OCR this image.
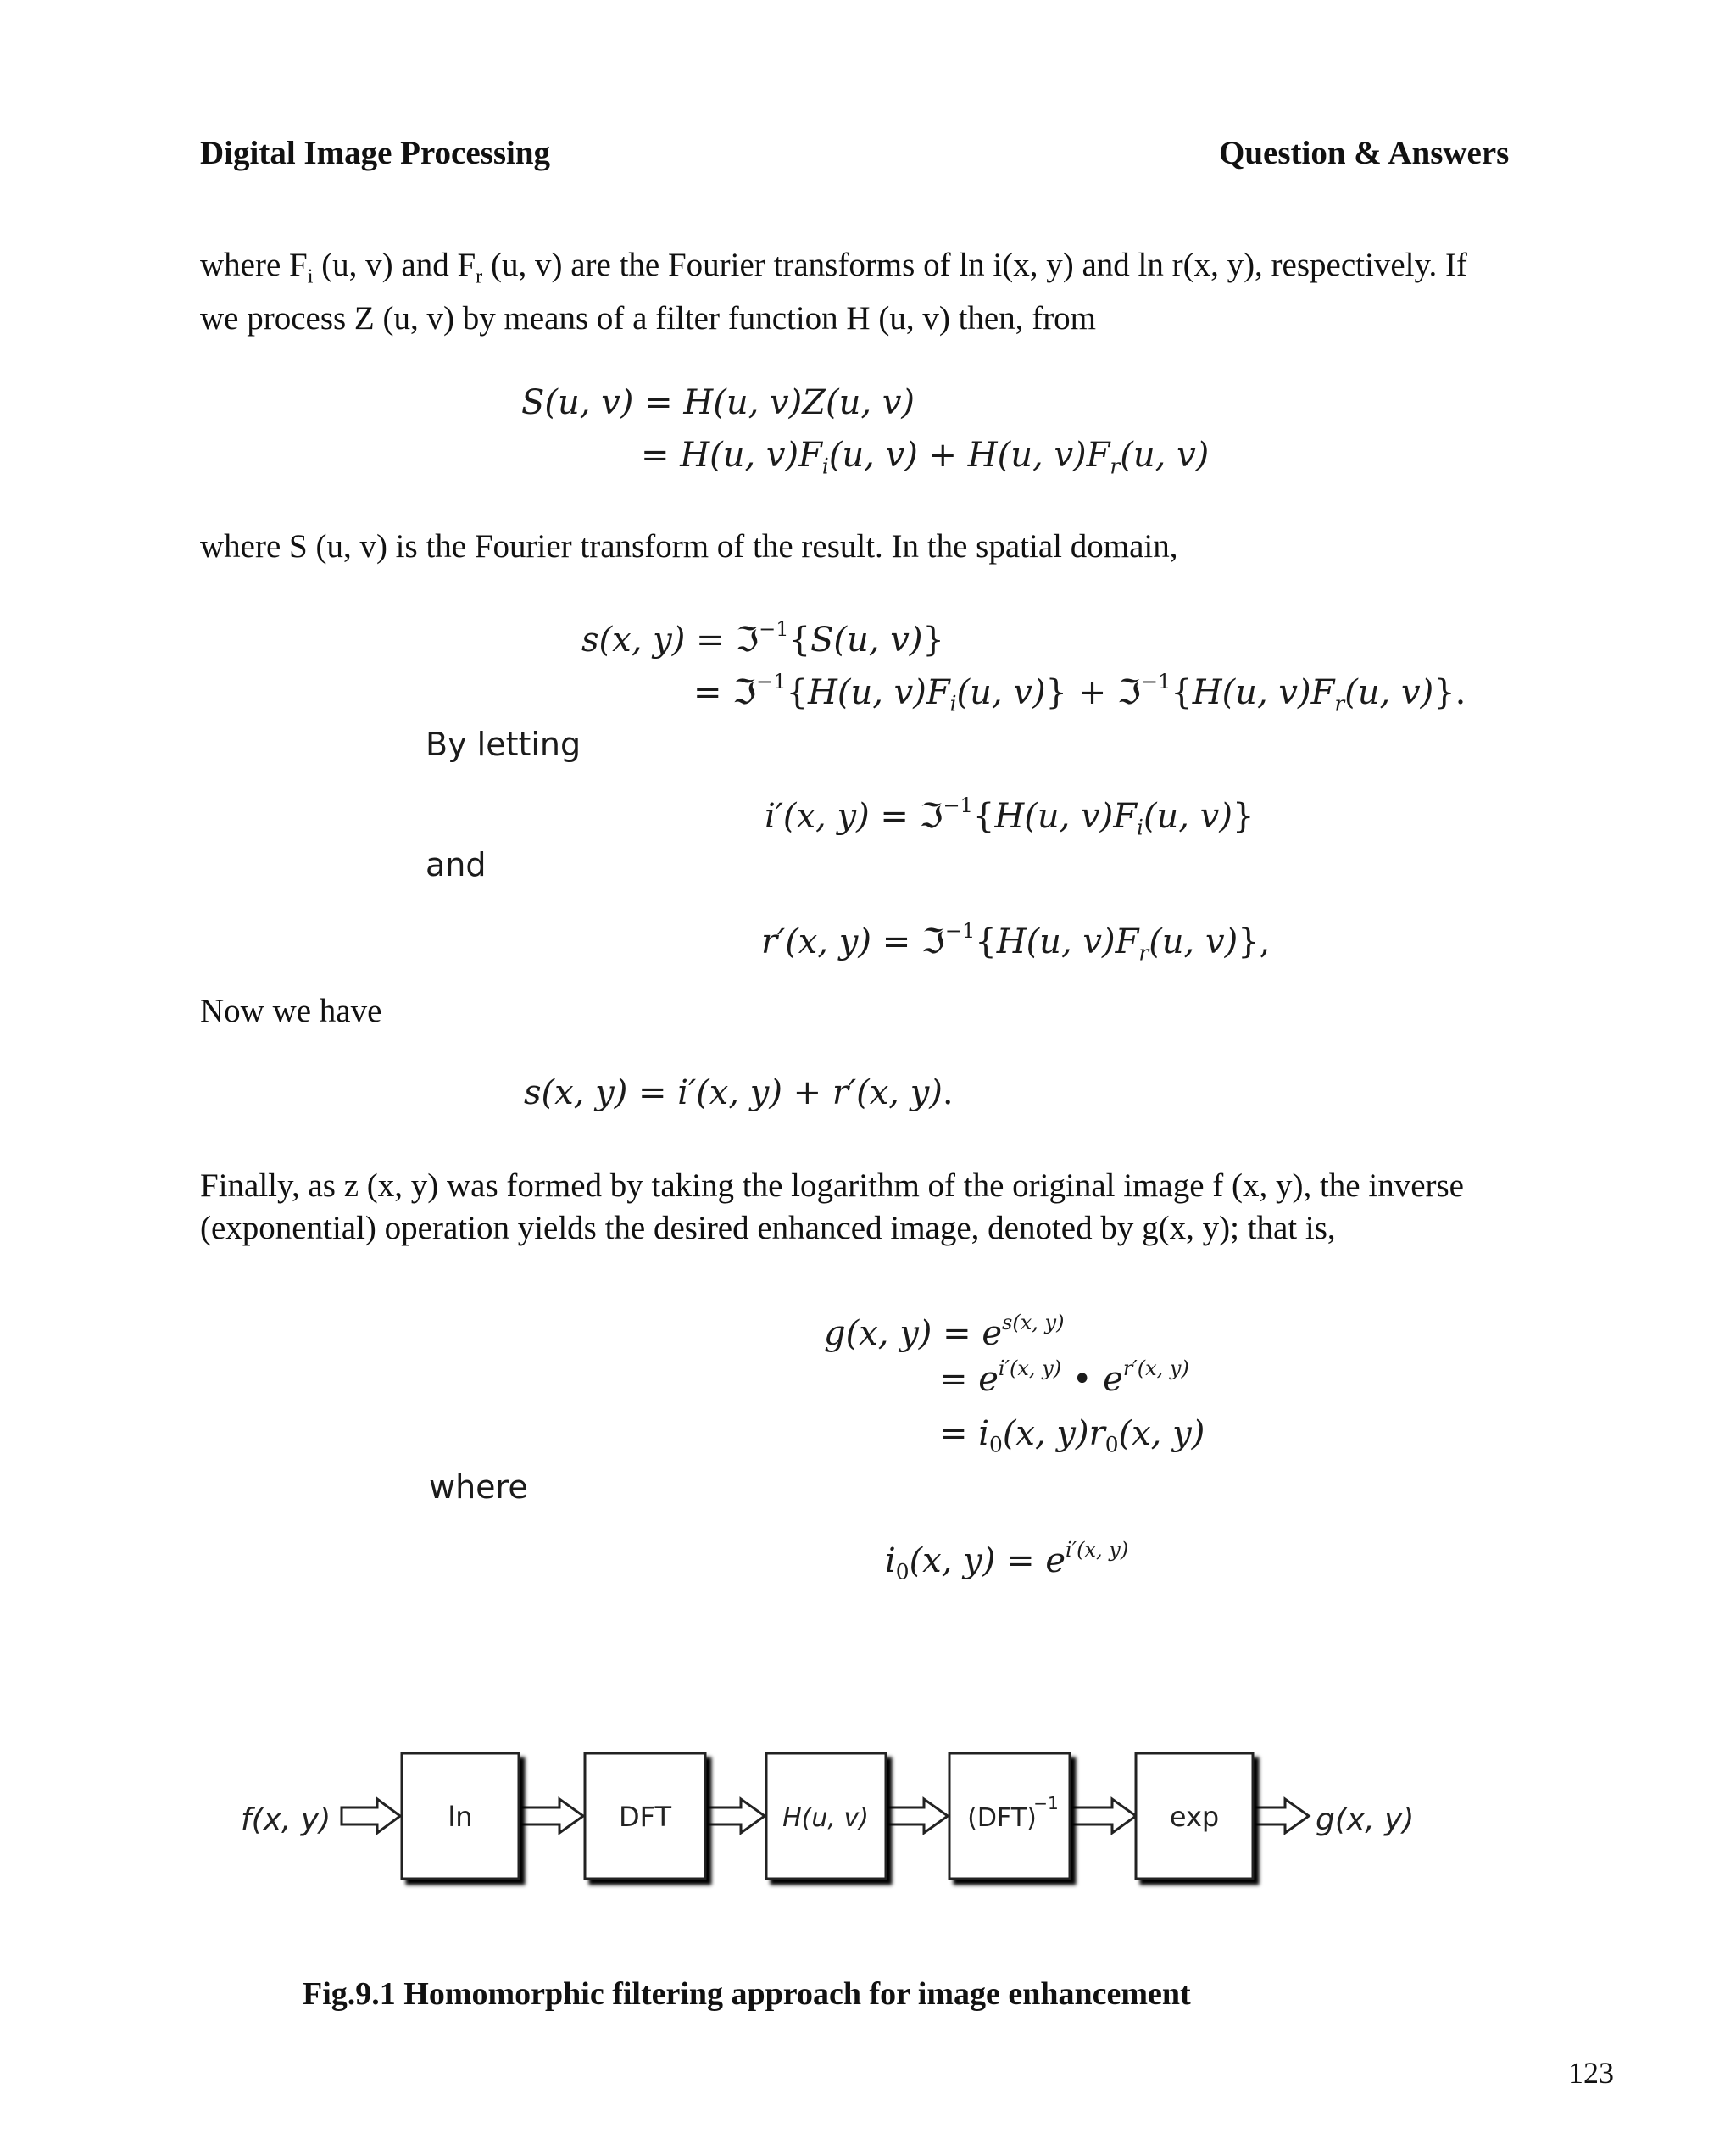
Digital Image Processing	Question & Answers
where $F_i$ (u, v) and $F_r$ (u, v) are the Fourier transforms of ln i(x, y) and ln r(x, y), respectively. If
we process Z (u, v) by means of a filter function H (u, v) then, from
S(u, v) = H(u, v)Z(u, v)
= H(u, $v)F_i(u$, v) + H(u, $v)F_r(u$, v)
where S (u, v) is the Fourier transform of the result. In the spatial domain,
s(x, y) = ℑ$^{-1}${S(u, v)}
= ℑ$^{-1}${H(u, $v)F_i(u$, v)} + ℑ$^{-1}${H(u, $v)F_r(u$, v)}.
By letting
i′(x, y) = ℑ$^{-1}${H(u, $v)F_i(u$, v)}
and
r′(x, y) = ℑ$^{-1}${H(u, $v)F_r(u$, v)},
Now we have
s(x, y) = i′(x, y) + r′(x, y).
Finally, as z (x, y) was formed by taking the logarithm of the original image f (x, y), the inverse
(exponential) operation yields the desired enhanced image, denoted by g(x, y); that is,
g(x, $y) = e^{s(x, y)}$
= $e^{i'(x, y)}$ • $e^{r'(x, y)}$
= $i_0(x$, $y)r_0(x$, y)
where
$i_0(x$, $y) = e^{i'(x, y)}$
f(x, y)	ln	DFT	H(u, v)	(DFT)
−1	exp	g(x, y)
Fig.9.1 Homomorphic filtering approach for image enhancement
123
